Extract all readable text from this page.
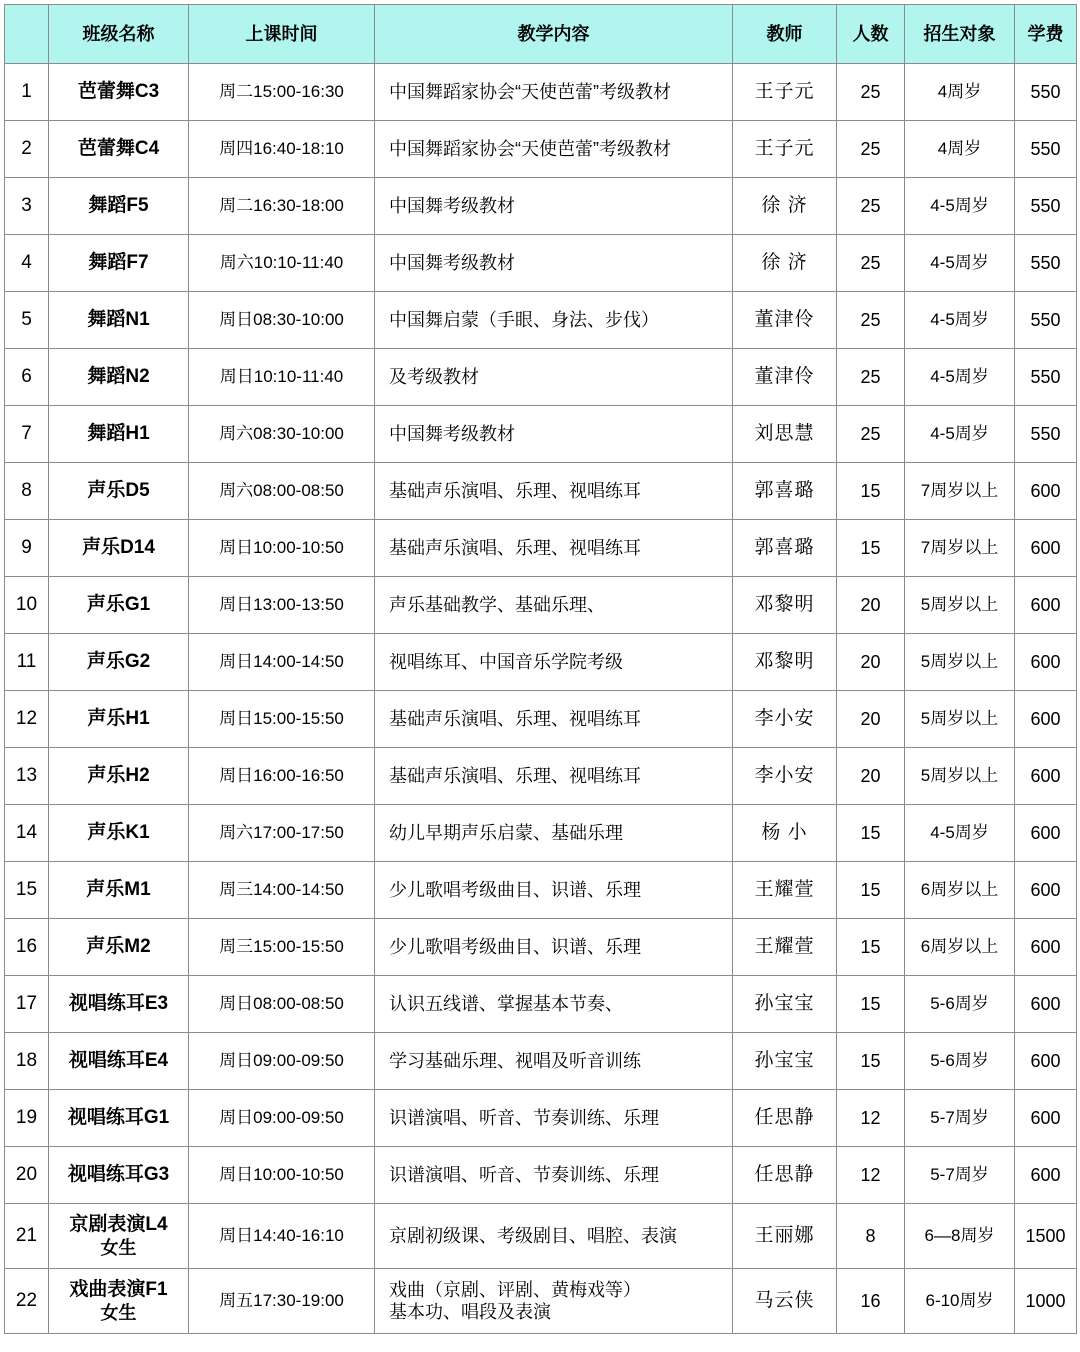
	班级名称	上课时间	教学内容	教师	人数	招生对象	学费
1	芭蕾舞C3	周二15:00-16:30	中国舞蹈家协会“天使芭蕾”考级教材	王子元	25	4周岁	550
2	芭蕾舞C4	周四16:40-18:10	中国舞蹈家协会“天使芭蕾”考级教材	王子元	25	4周岁	550
3	舞蹈F5	周二16:30-18:00	中国舞考级教材	徐 济	25	4-5周岁	550
4	舞蹈F7	周六10:10-11:40	中国舞考级教材	徐 济	25	4-5周岁	550
5	舞蹈N1	周日08:30-10:00	中国舞启蒙（手眼、身法、步伐）	董津伶	25	4-5周岁	550
6	舞蹈N2	周日10:10-11:40	及考级教材	董津伶	25	4-5周岁	550
7	舞蹈H1	周六08:30-10:00	中国舞考级教材	刘思慧	25	4-5周岁	550
8	声乐D5	周六08:00-08:50	基础声乐演唱、乐理、视唱练耳	郭喜璐	15	7周岁以上	600
9	声乐D14	周日10:00-10:50	基础声乐演唱、乐理、视唱练耳	郭喜璐	15	7周岁以上	600
10	声乐G1	周日13:00-13:50	声乐基础教学、基础乐理、	邓黎明	20	5周岁以上	600
11	声乐G2	周日14:00-14:50	视唱练耳、中国音乐学院考级	邓黎明	20	5周岁以上	600
12	声乐H1	周日15:00-15:50	基础声乐演唱、乐理、视唱练耳	李小安	20	5周岁以上	600
13	声乐H2	周日16:00-16:50	基础声乐演唱、乐理、视唱练耳	李小安	20	5周岁以上	600
14	声乐K1	周六17:00-17:50	幼儿早期声乐启蒙、基础乐理	杨 小	15	4-5周岁	600
15	声乐M1	周三14:00-14:50	少儿歌唱考级曲目、识谱、乐理	王耀萱	15	6周岁以上	600
16	声乐M2	周三15:00-15:50	少儿歌唱考级曲目、识谱、乐理	王耀萱	15	6周岁以上	600
17	视唱练耳E3	周日08:00-08:50	认识五线谱、掌握基本节奏、	孙宝宝	15	5-6周岁	600
18	视唱练耳E4	周日09:00-09:50	学习基础乐理、视唱及听音训练	孙宝宝	15	5-6周岁	600
19	视唱练耳G1	周日09:00-09:50	识谱演唱、听音、节奏训练、乐理	任思静	12	5-7周岁	600
20	视唱练耳G3	周日10:00-10:50	识谱演唱、听音、节奏训练、乐理	任思静	12	5-7周岁	600
21	京剧表演L4
女生	周日14:40-16:10	京剧初级课、考级剧目、唱腔、表演	王丽娜	8	6—8周岁	1500
22	戏曲表演F1
女生	周五17:30-19:00	戏曲（京剧、评剧、黄梅戏等）
基本功、唱段及表演	马云侠	16	6-10周岁	1000
